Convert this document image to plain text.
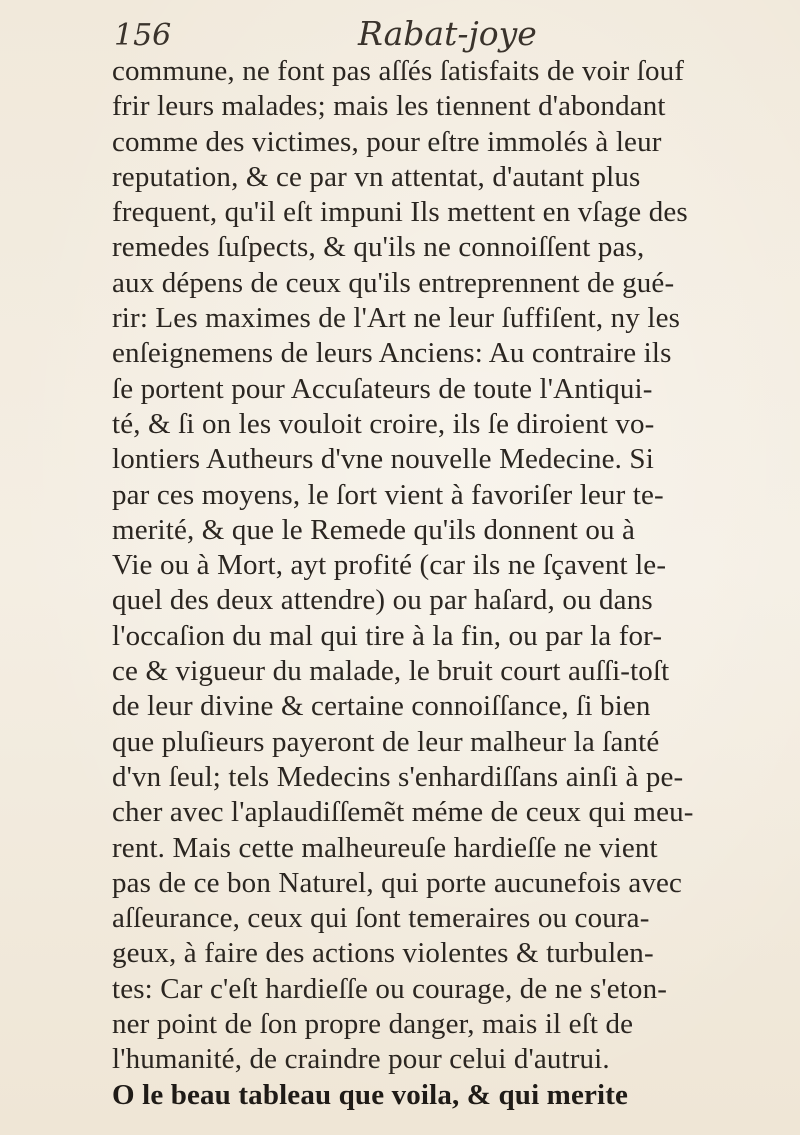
156	Rabat-joye
commune, ne font pas aſſés ſatisfaits de voir ſouf
frir leurs malades; mais les tiennent d'abondant
comme des victimes, pour eſtre immolés à leur
reputation, & ce par vn attentat, d'autant plus
frequent, qu'il eſt impuni Ils mettent en vſage des
remedes ſuſpects, & qu'ils ne connoiſſent pas,
aux dépens de ceux qu'ils entreprennent de gué-
rir: Les maximes de l'Art ne leur ſuffiſent, ny les
enſeignemens de leurs Anciens: Au contraire ils
ſe portent pour Accuſateurs de toute l'Antiqui-
té, & ſi on les vouloit croire, ils ſe diroient vo-
lontiers Autheurs d'vne nouvelle Medecine. Si
par ces moyens, le ſort vient à favoriſer leur te-
merité, & que le Remede qu'ils donnent ou à
Vie ou à Mort, ayt profité (car ils ne ſçavent le-
quel des deux attendre) ou par haſard, ou dans
l'occaſion du mal qui tire à la fin, ou par la for-
ce & vigueur du malade, le bruit court auſſi-toſt
de leur divine & certaine connoiſſance, ſi bien
que pluſieurs payeront de leur malheur la ſanté
d'vn ſeul; tels Medecins s'enhardiſſans ainſi à pe-
cher avec l'aplaudiſſemẽt méme de ceux qui meu-
rent. Mais cette malheureuſe hardieſſe ne vient
pas de ce bon Naturel, qui porte aucunefois avec
aſſeurance, ceux qui ſont temeraires ou coura-
geux, à faire des actions violentes & turbulen-
tes: Car c'eſt hardieſſe ou courage, de ne s'eton-
ner point de ſon propre danger, mais il eſt de
l'humanité, de craindre pour celui d'autrui.
O le beau tableau que voila, & qui merite
